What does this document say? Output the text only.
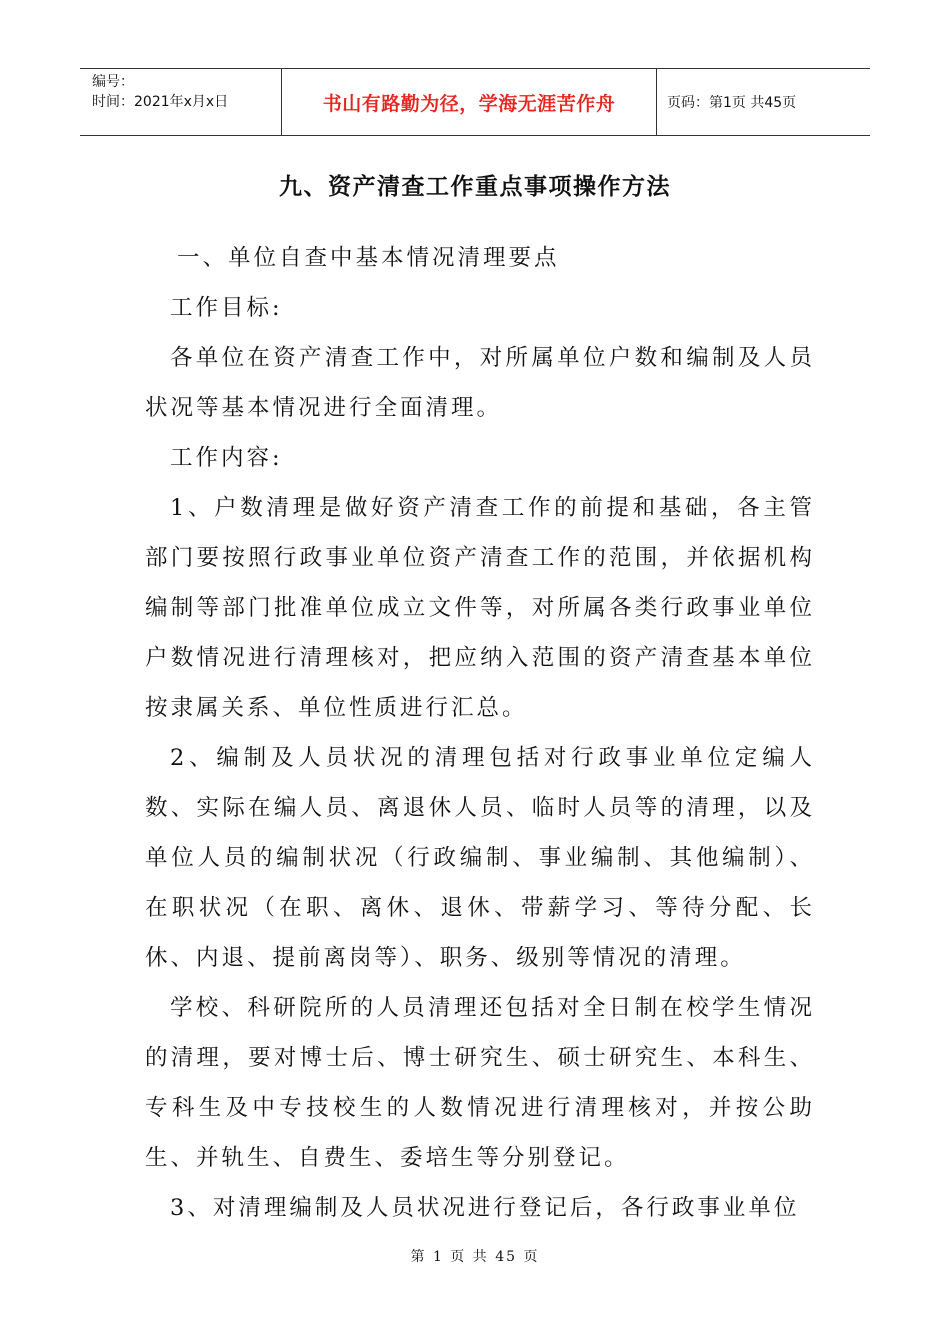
编号：
时间：2021年x月x日	书山有路勤为径，学海无涯苦作舟	页码：第1页 共45页
九、资产清查工作重点事项操作方法

一、单位自查中基本情况清理要点

工作目标:

各单位在资产清查工作中，对所属单位户数和编制及人员状况等基本情况进行全面清理。

工作内容:

1、户数清理是做好资产清查工作的前提和基础，各主管部门要按照行政事业单位资产清查工作的范围，并依据机构编制等部门批准单位成立文件等，对所属各类行政事业单位户数情况进行清理核对，把应纳入范围的资产清查基本单位按隶属关系、单位性质进行汇总。

2、编制及人员状况的清理包括对行政事业单位定编人数、实际在编人员、离退休人员、临时人员等的清理，以及单位人员的编制状况（行政编制、事业编制、其他编制）、在职状况（在职、离休、退休、带薪学习、等待分配、长休、内退、提前离岗等）、职务、级别等情况的清理。

学校、科研院所的人员清理还包括对全日制在校学生情况的清理，要对博士后、博士研究生、硕士研究生、本科生、专科生及中专技校生的人数情况进行清理核对，并按公助生、并轨生、自费生、委培生等分别登记。

3、对清理编制及人员状况进行登记后，各行政事业单位

第 1 页 共 45 页
